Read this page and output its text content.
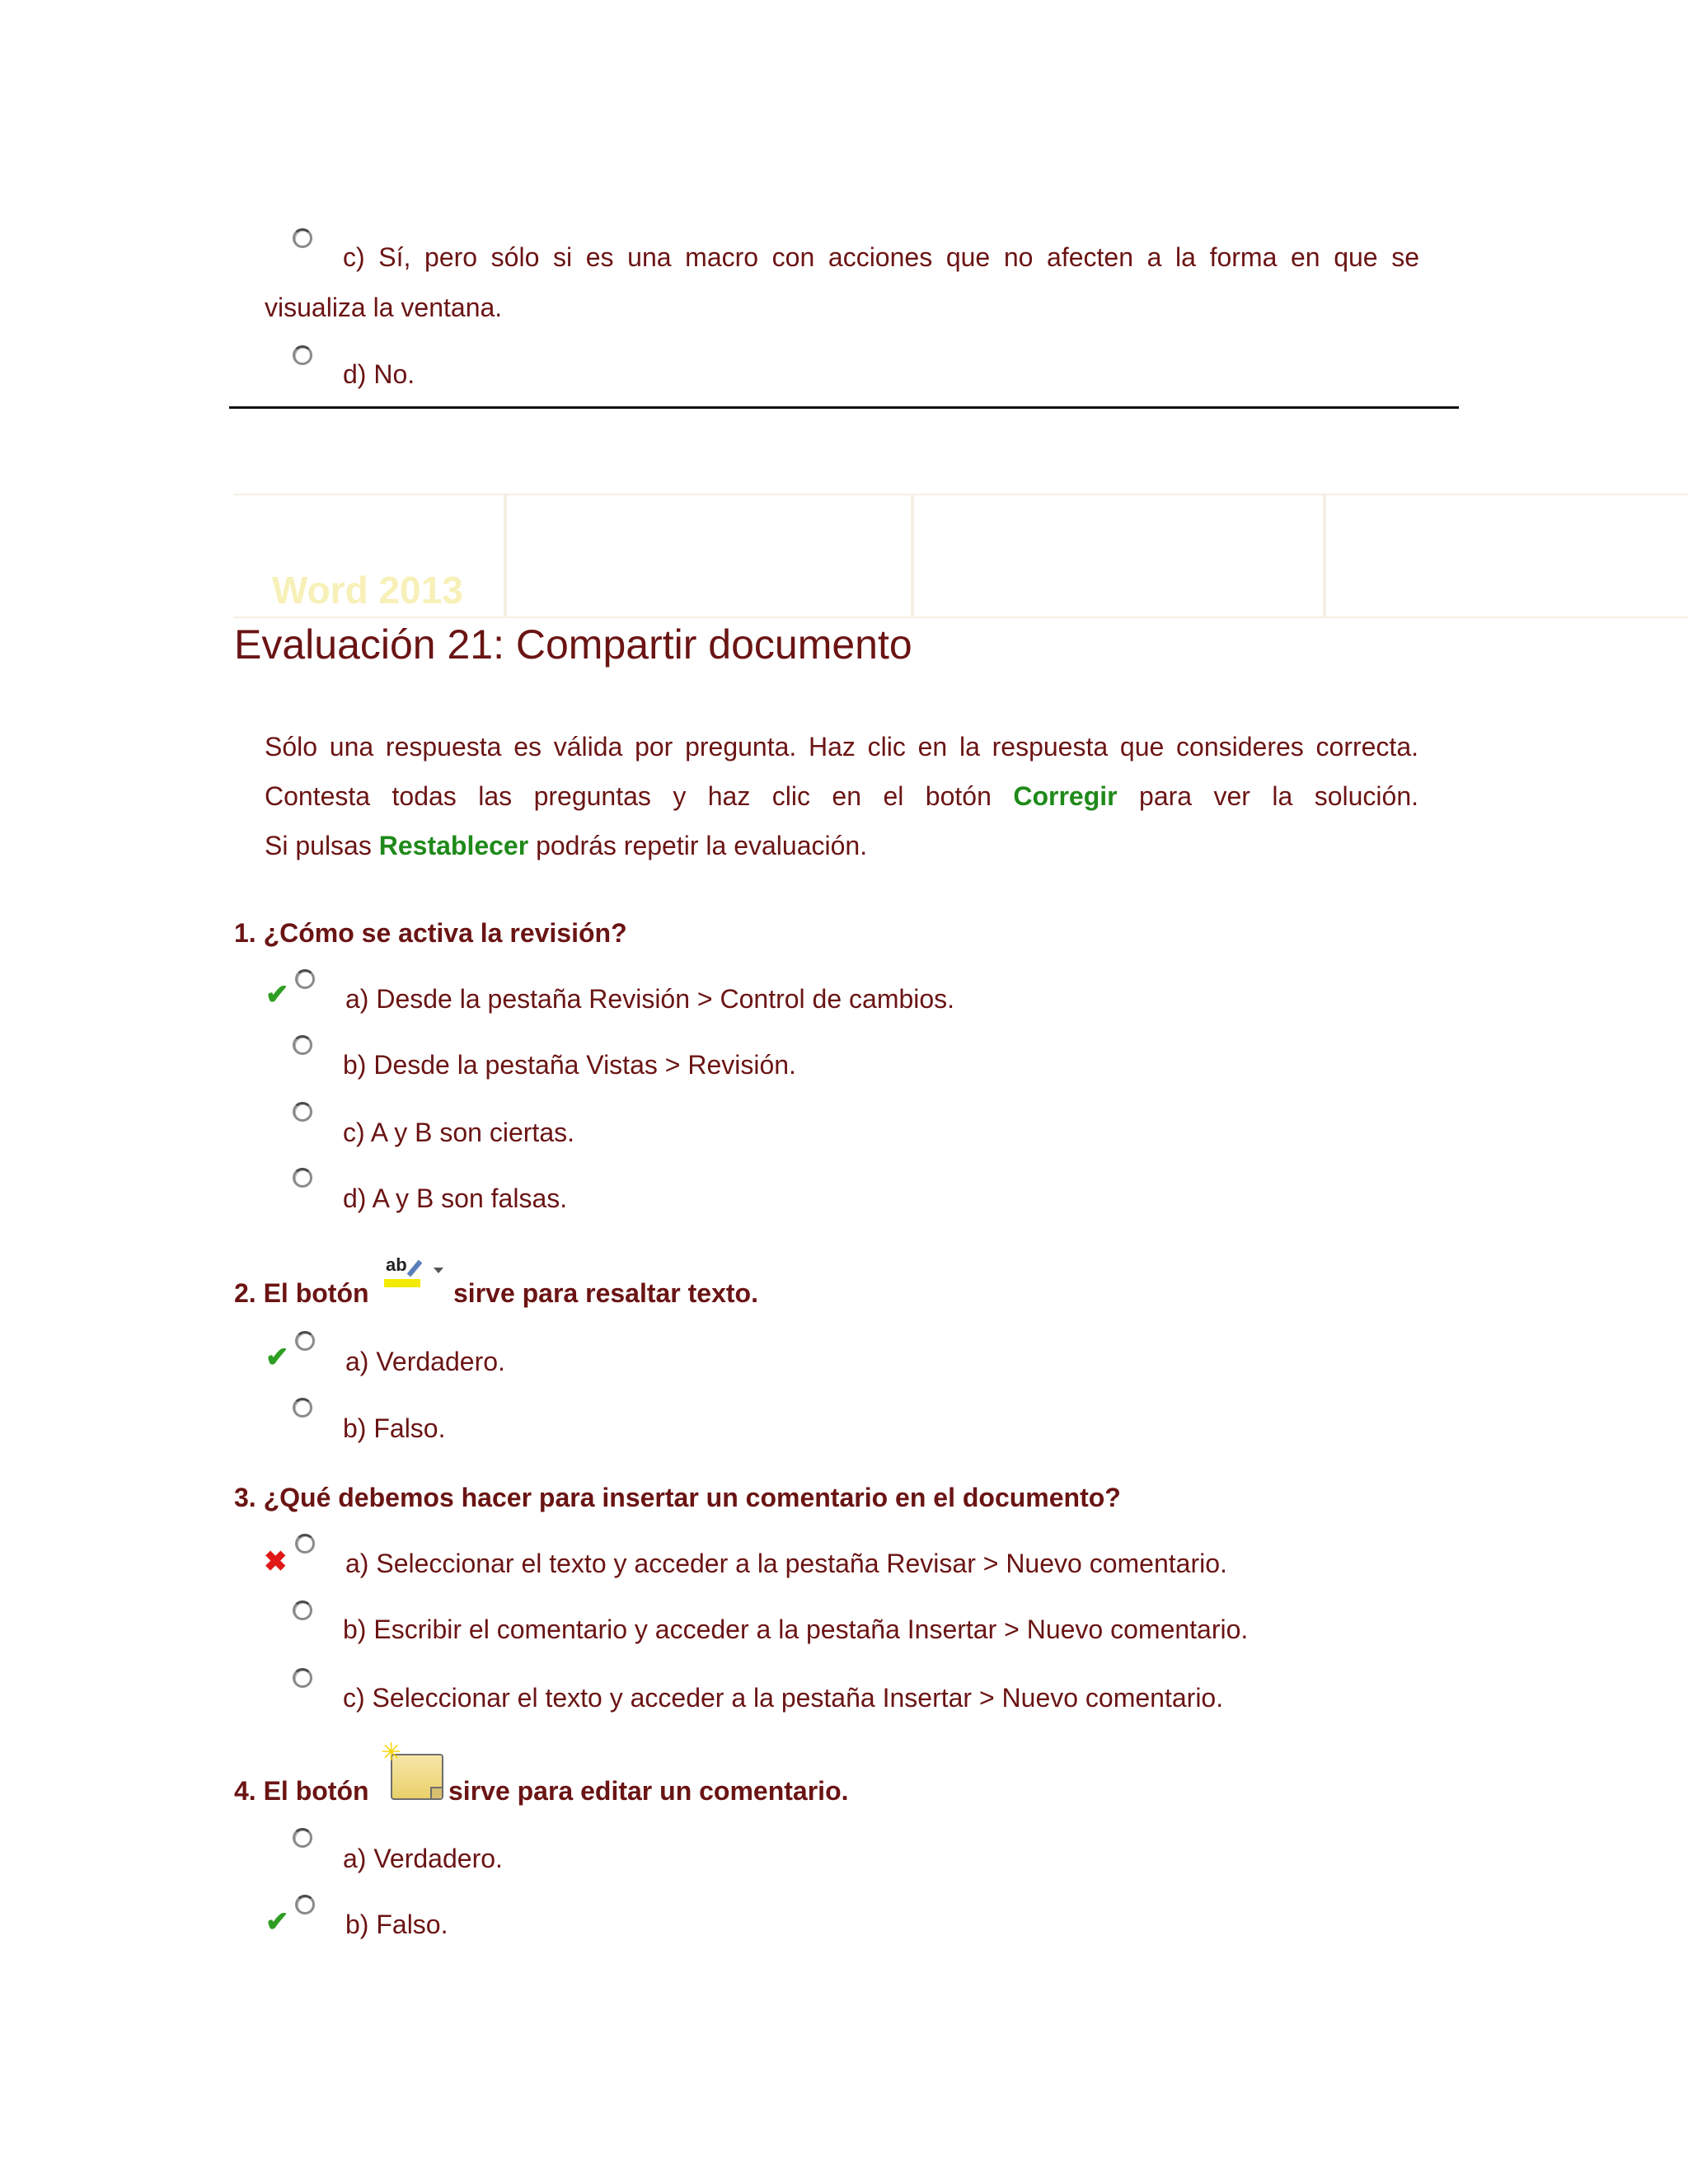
c) Sí, pero sólo si es una macro con acciones que no afecten a la forma en que se
visualiza la ventana.
d) No.
Word 2013
Evaluación 21: Compartir documento

Sólo una respuesta es válida por pregunta. Haz clic en la respuesta que consideres correcta.

Contesta todas las preguntas y haz clic en el botón Corregir para ver la solución.

Si pulsas Restablecer podrás repetir la evaluación.

1. ¿Cómo se activa la revisión?
✔ a) Desde la pestaña Revisión > Control de cambios.
b) Desde la pestaña Vistas > Revisión.
c) A y B son ciertas.
d) A y B son falsas.
2. El botón
ab
sirve para resaltar texto.
✔ a) Verdadero.
b) Falso.
3. ¿Qué debemos hacer para insertar un comentario en el documento?
✖ a) Seleccionar el texto y acceder a la pestaña Revisar > Nuevo comentario.
b) Escribir el comentario y acceder a la pestaña Insertar > Nuevo comentario.
c) Seleccionar el texto y acceder a la pestaña Insertar > Nuevo comentario.
4. El botón
✳
sirve para editar un comentario.
a) Verdadero.
✔ b) Falso.
